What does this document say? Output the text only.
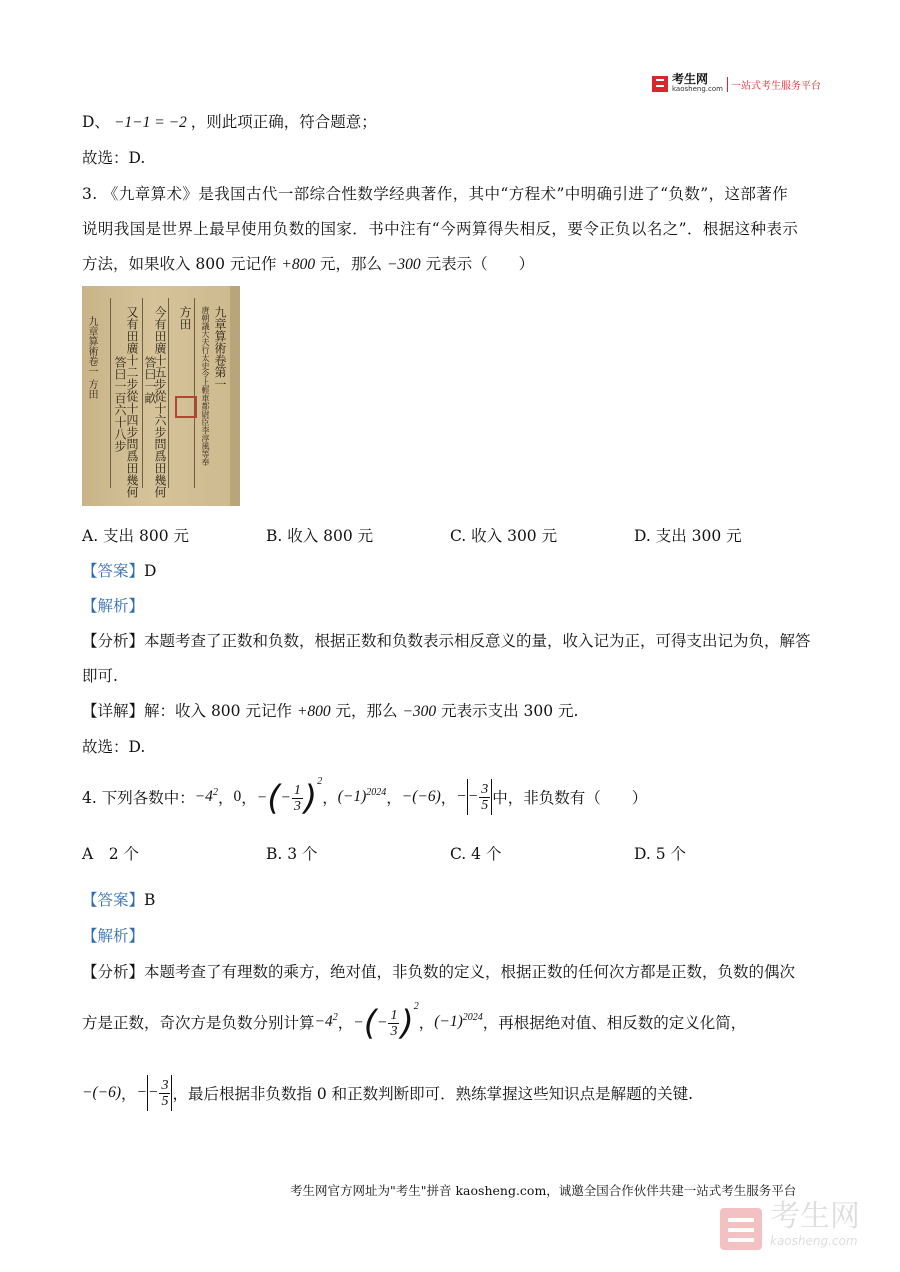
考生网
kaosheng.com 一站式考生服务平台
D、 −1−1 = −2 ，则此项正确，符合题意；
故选：D.
3. 《九章算术》是我国古代一部综合性数学经典著作，其中“方程术”中明确引进了“负数”，这部著作
说明我国是世界上最早使用负数的国家．书中注有“今两算得失相反，要令正负以名之”．根据这种表示
方法，如果收入 800 元记作 +800 元，那么 −300 元表示（　　）
九章算術卷第一
唐朝議大夫行太史令上輕車都尉臣李淳風等奉
方田
今有田廣十五步從十六步問爲田幾何
答曰一畝
又有田廣十二步從十四步問爲田幾何
答曰一百六十八步
九章算術卷一 方田
A. 支出 800 元	B. 收入 800 元	C. 收入 300 元	D. 支出 300 元
【答案】D
【解析】
【分析】本题考查了正数和负数，根据正数和负数表示相反意义的量，收入记为正，可得支出记为负，解答
即可.
【详解】解：收入 800 元记作 +800 元，那么 −300 元表示支出 300 元.
故选：D.
4. 下列各数中： $-4^2$ ， 0 ， −(− $\frac{1}{3} )^2$
， $(-1)^{2024}$ ， −(−6) ， −− $\frac{3}{5}$ 中，非负数有（　　）
A　2 个	B. 3 个	C. 4 个	D. 5 个
【答案】B
【解析】
【分析】本题考查了有理数的乘方，绝对值，非负数的定义，根据正数的任何次方都是正数，负数的偶次
方是正数，奇次方是负数分别计算 $-4^2$ ， −(− $\frac{1}{3} )^2$
， $(-1)^{2024}$ ，再根据绝对值、相反数的定义化简，
−(−6) ， −− $\frac{3}{5}$ ，最后根据非负数指 0 和正数判断即可．熟练掌握这些知识点是解题的关键.
考生网官方网址为"考生"拼音 kaosheng.com，诚邀全国合作伙伴共建一站式考生服务平台
考生网
kaosheng.com
